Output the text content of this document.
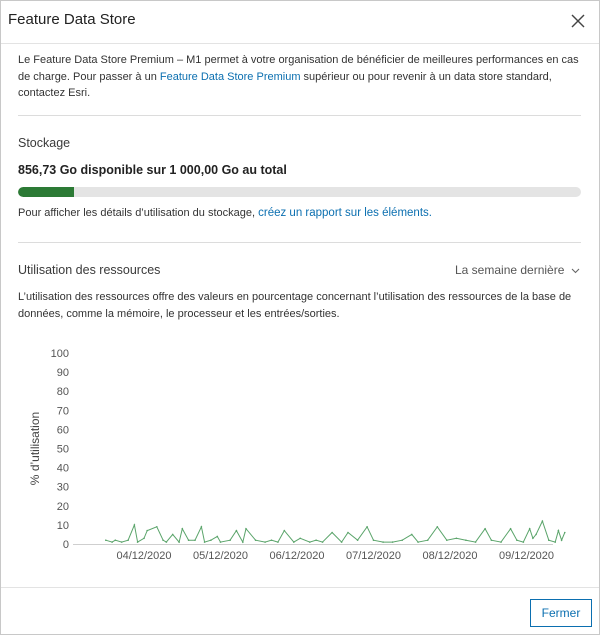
Feature Data Store
Le Feature Data Store Premium – M1 permet à votre organisation de bénéficier de meilleures performances en cas de charge. Pour passer à un Feature Data Store Premium supérieur ou pour revenir à un data store standard, contactez Esri.
Stockage
856,73 Go disponible sur 1 000,00 Go au total
Pour afficher les détails d’utilisation du stockage, créez un rapport sur les éléments.
Utilisation des ressources	La semaine dernière
L’utilisation des ressources offre des valeurs en pourcentage concernant l’utilisation des ressources de la base de données, comme la mémoire, le processeur et les entrées/sorties.
0
10
20
30
40
50
60
70
80
90
100
04/12/2020 05/12/2020 06/12/2020 07/12/2020 08/12/2020 09/12/2020
% d’utilisation
Fermer
